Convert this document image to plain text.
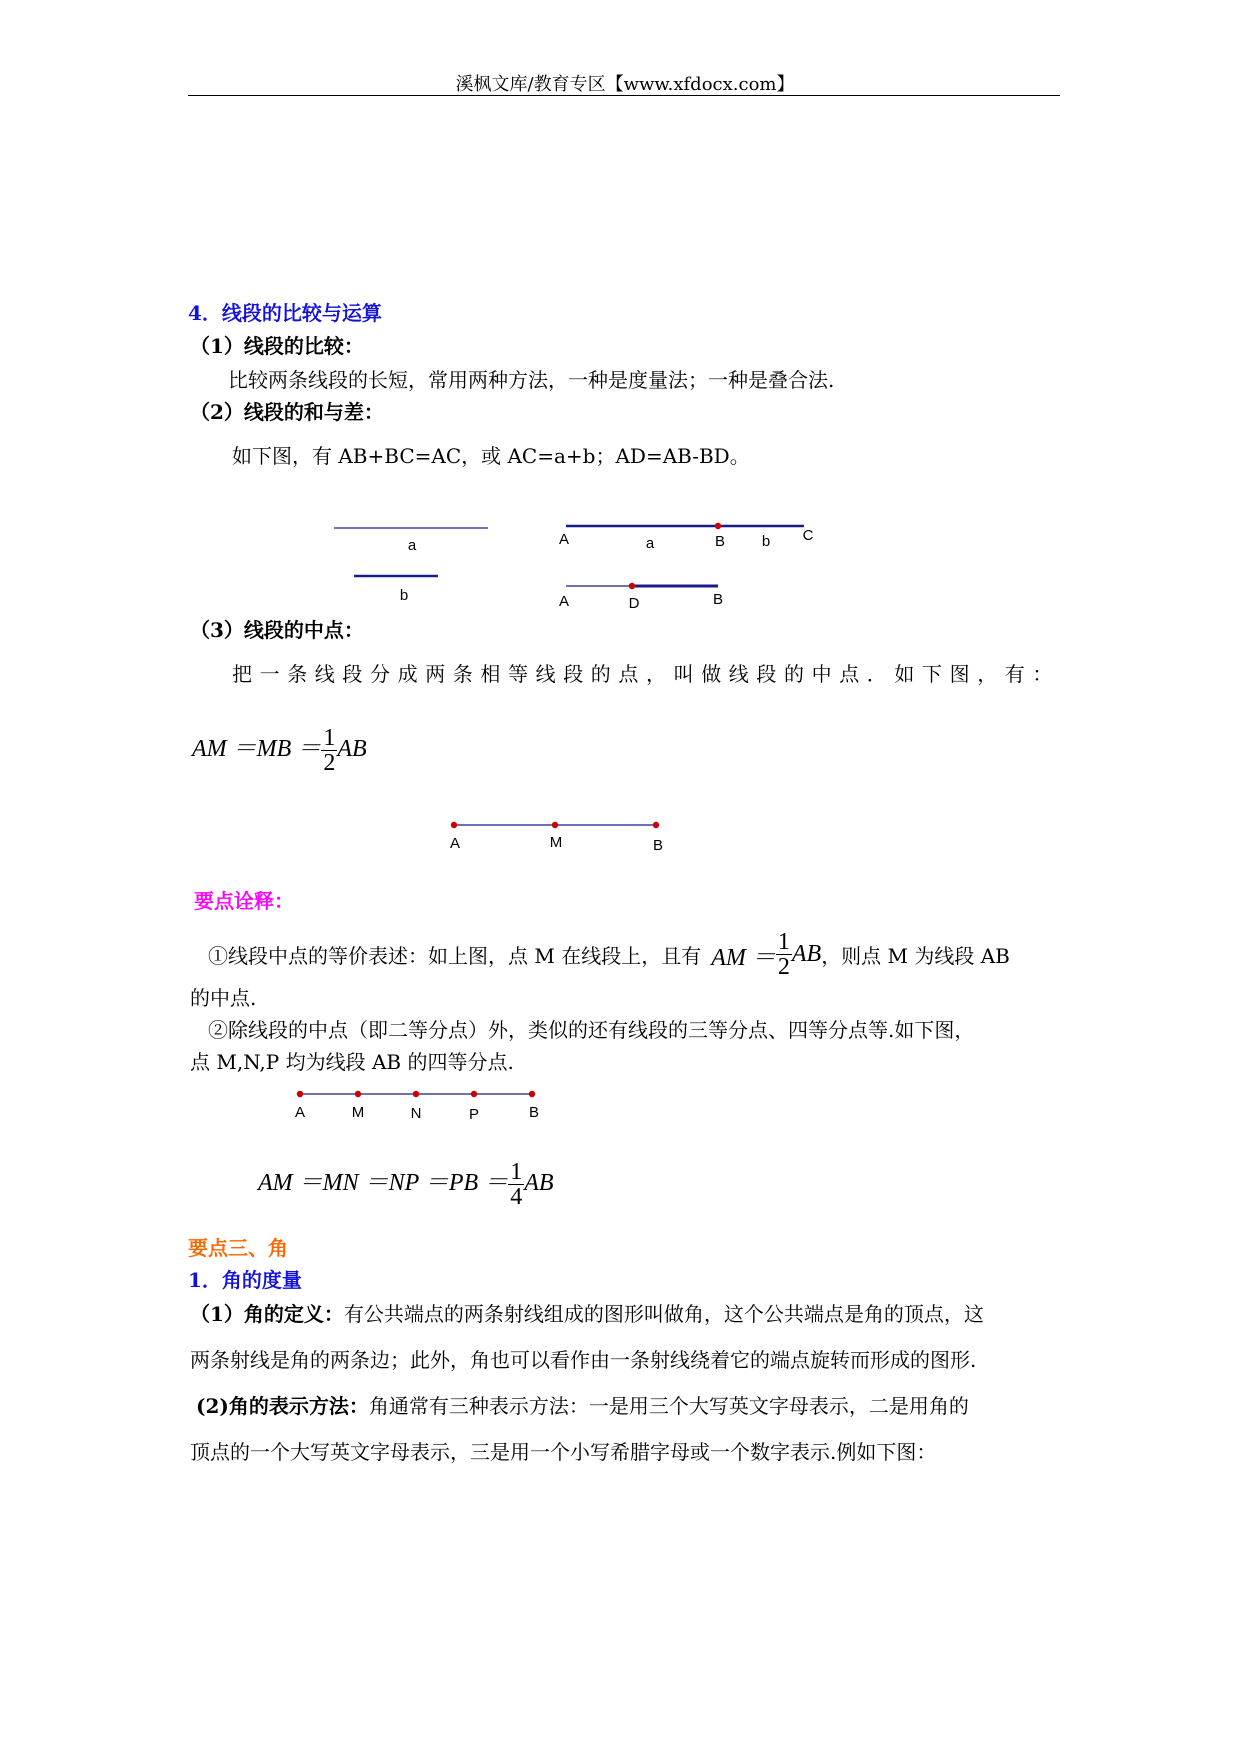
溪枫文库/教育专区【www.xfdocx.com】
4．线段的比较与运算
（1）线段的比较：
比较两条线段的长短，常用两种方法，一种是度量法；一种是叠合法.
（2）线段的和与差：
如下图，有 AB+BC=AC，或 AC=a+b；AD=AB-BD。
a
b
A	a	B b C
A	D	B
（3）线段的中点：
把一条线段分成两条相等线段的点，叫做线段的中点．如下图，有：
AM $=MB = \frac{1}{2}$ AB
A	M	B
要点诠释：
①线段中点的等价表述：如上图，点 M 在线段上，且有 AM ＝ $\frac{1}{2}$ AB ，则点 M 为线段 AB
的中点.
②除线段的中点（即二等分点）外，类似的还有线段的三等分点、四等分点等.如下图，
点 M,N,P 均为线段 AB 的四等分点.
A	M	N	P	B
AM $=MN =NP =PB = \frac{1}{4}$ AB
要点三、角
1．角的度量
（1）角的定义：有公共端点的两条射线组成的图形叫做角，这个公共端点是角的顶点，这
两条射线是角的两条边；此外，角也可以看作由一条射线绕着它的端点旋转而形成的图形.
(2)角的表示方法：角通常有三种表示方法：一是用三个大写英文字母表示，二是用角的
顶点的一个大写英文字母表示，三是用一个小写希腊字母或一个数字表示.例如下图：
